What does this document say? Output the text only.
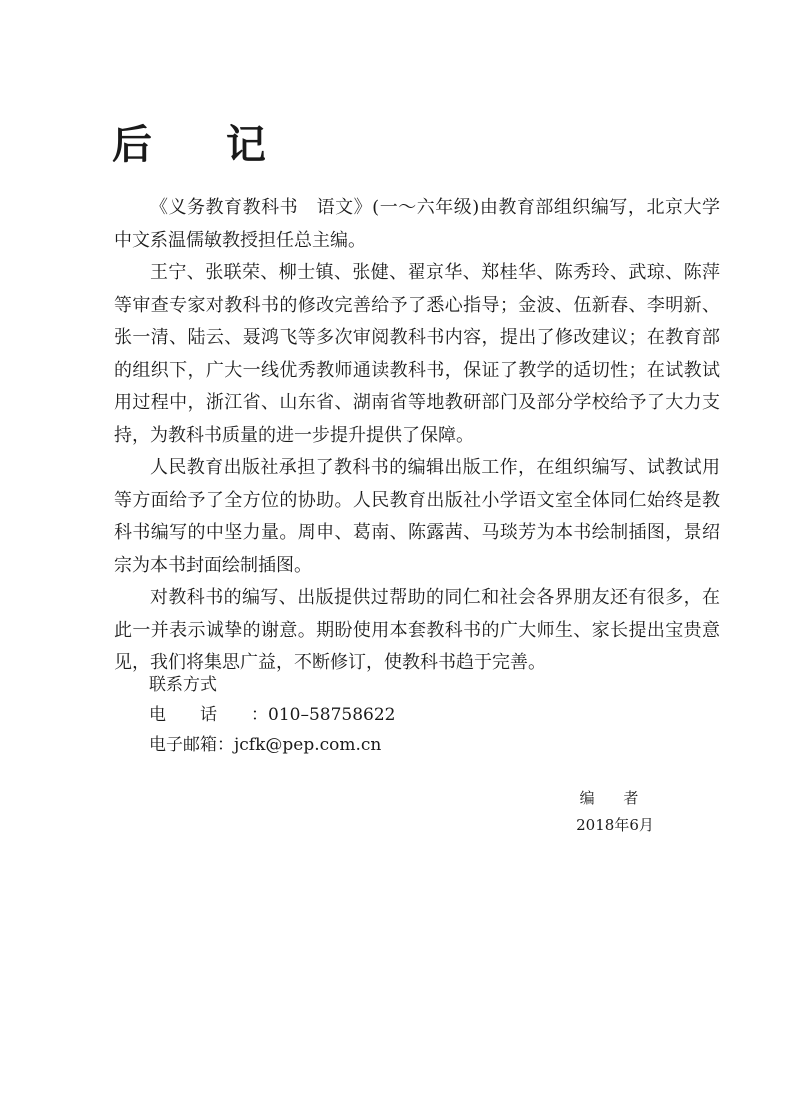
后 记

《义务教育教科书　语文》(一～六年级)由教育部组织编写，北京大学中文系温儒敏教授担任总主编。

王宁、张联荣、柳士镇、张健、翟京华、郑桂华、陈秀玲、武琼、陈萍等审查专家对教科书的修改完善给予了悉心指导；金波、伍新春、李明新、张一清、陆云、聂鸿飞等多次审阅教科书内容，提出了修改建议；在教育部的组织下，广大一线优秀教师通读教科书，保证了教学的适切性；在试教试用过程中，浙江省、山东省、湖南省等地教研部门及部分学校给予了大力支持，为教科书质量的进一步提升提供了保障。

人民教育出版社承担了教科书的编辑出版工作，在组织编写、试教试用等方面给予了全方位的协助。人民教育出版社小学语文室全体同仁始终是教科书编写的中坚力量。周申、葛南、陈露茜、马琰芳为本书绘制插图，景绍宗为本书封面绘制插图。

对教科书的编写、出版提供过帮助的同仁和社会各界朋友还有很多，在此一并表示诚挚的谢意。期盼使用本套教科书的广大师生、家长提出宝贵意见，我们将集思广益，不断修订，使教科书趋于完善。

联系方式
电话：010–58758622
电子邮箱：jcfk@pep.com.cn
编 者
2018年6月
